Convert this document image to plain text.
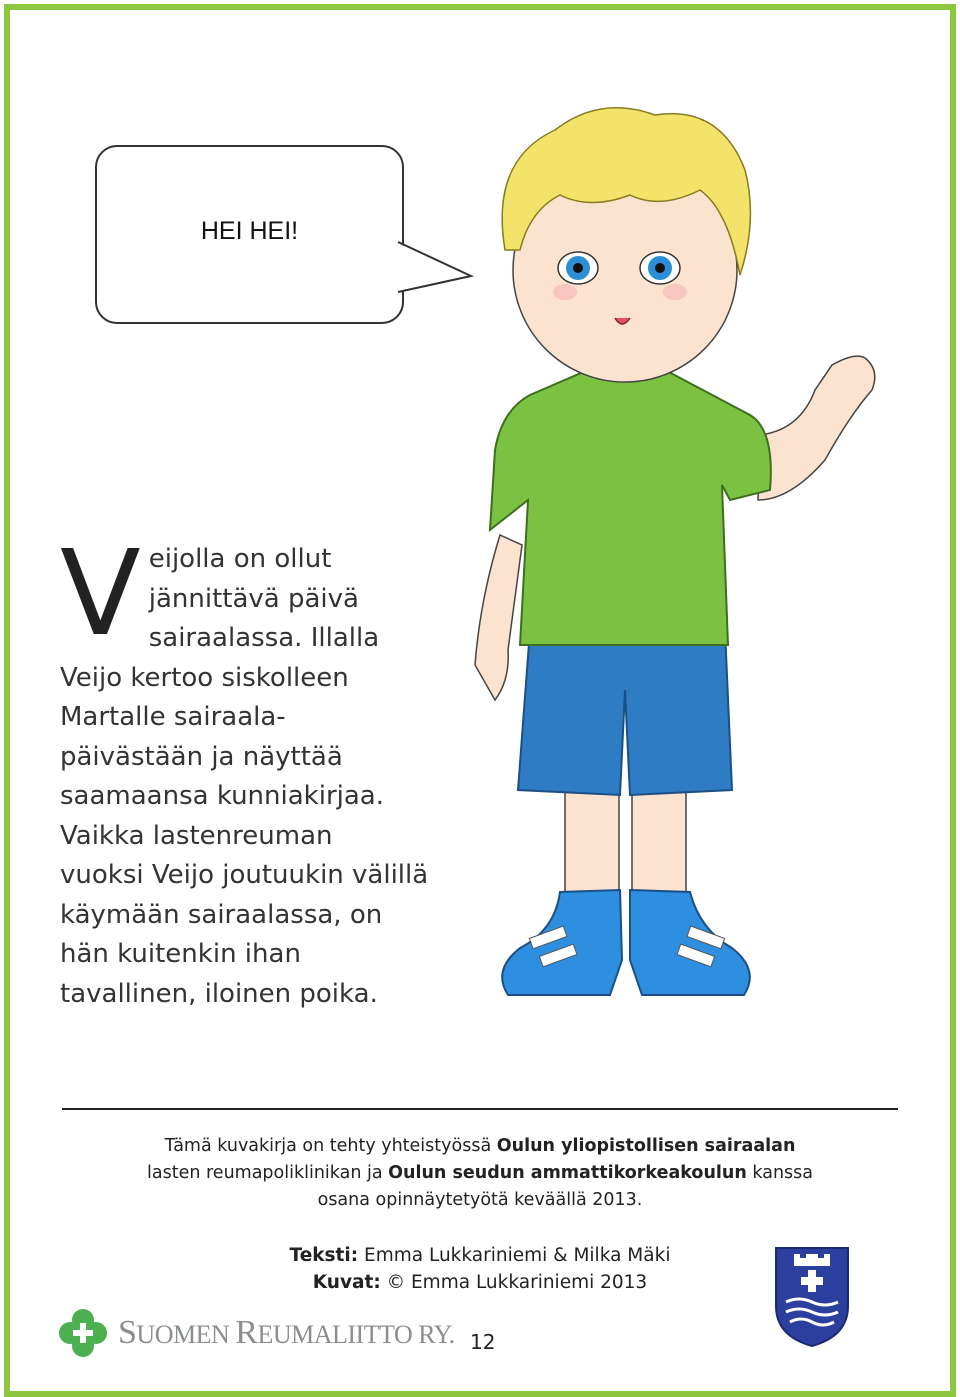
HEI HEI!
V eijolla on ollut
jännittävä päivä
sairaalassa. Illalla
Veijo kertoo siskolleen
Martalle sairaala-
päivästään ja näyttää
saamaansa kunniakirjaa.
Vaikka lastenreuman
vuoksi Veijo joutuukin välillä
käymään sairaalassa, on
hän kuitenkin ihan
tavallinen, iloinen poika.
Tämä kuvakirja on tehty yhteistyössä Oulun yliopistollisen sairaalan
lasten reumapoliklinikan ja Oulun seudun ammattikorkeakoulun kanssa
osana opinnäytetyötä keväällä 2013.
Teksti: Emma Lukkariniemi & Milka Mäki
Kuvat: © Emma Lukkariniemi 2013
SUOMEN REUMALIITTO RY. 12
